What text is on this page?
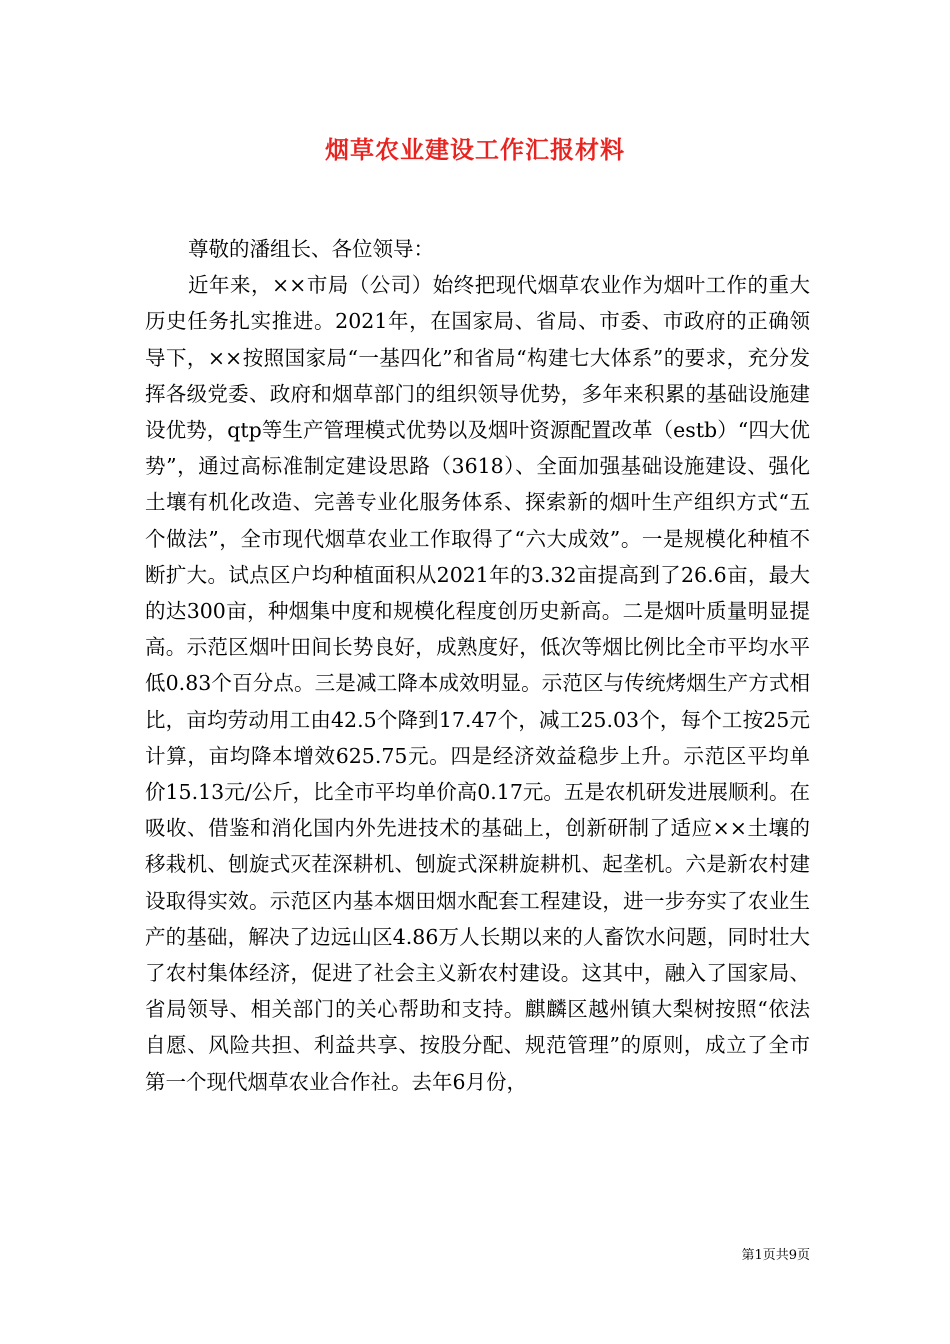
烟草农业建设工作汇报材料

尊敬的潘组长、各位领导：

近年来，××市局（公司）始终把现代烟草农业作为烟叶工作的重大历史任务扎实推进。2021年，在国家局、省局、市委、市政府的正确领导下，××按照国家局“一基四化”和省局“构建七大体系”的要求，充分发挥各级党委、政府和烟草部门的组织领导优势，多年来积累的基础设施建设优势，qtp等生产管理模式优势以及烟叶资源配置改革（estb）“四大优势”，通过高标准制定建设思路（3618）、全面加强基础设施建设、强化土壤有机化改造、完善专业化服务体系、探索新的烟叶生产组织方式“五个做法”，全市现代烟草农业工作取得了“六大成效”。一是规模化种植不断扩大。试点区户均种植面积从2021年的3.32亩提高到了26.6亩，最大的达300亩，种烟集中度和规模化程度创历史新高。二是烟叶质量明显提高。示范区烟叶田间长势良好，成熟度好，低次等烟比例比全市平均水平低0.83个百分点。三是减工降本成效明显。示范区与传统烤烟生产方式相比，亩均劳动用工由42.5个降到17.47个，减工25.03个，每个工按25元计算，亩均降本增效625.75元。四是经济效益稳步上升。示范区平均单价15.13元/公斤，比全市平均单价高0.17元。五是农机研发进展顺利。在吸收、借鉴和消化国内外先进技术的基础上，创新研制了适应××土壤的移栽机、刨旋式灭茬深耕机、刨旋式深耕旋耕机、起垄机。六是新农村建设取得实效。示范区内基本烟田烟水配套工程建设，进一步夯实了农业生产的基础，解决了边远山区4.86万人长期以来的人畜饮水问题，同时壮大了农村集体经济，促进了社会主义新农村建设。这其中，融入了国家局、省局领导、相关部门的关心帮助和支持。麒麟区越州镇大梨树按照“依法自愿、风险共担、利益共享、按股分配、规范管理”的原则，成立了全市第一个现代烟草农业合作社。去年6月份，

第1页共9页
